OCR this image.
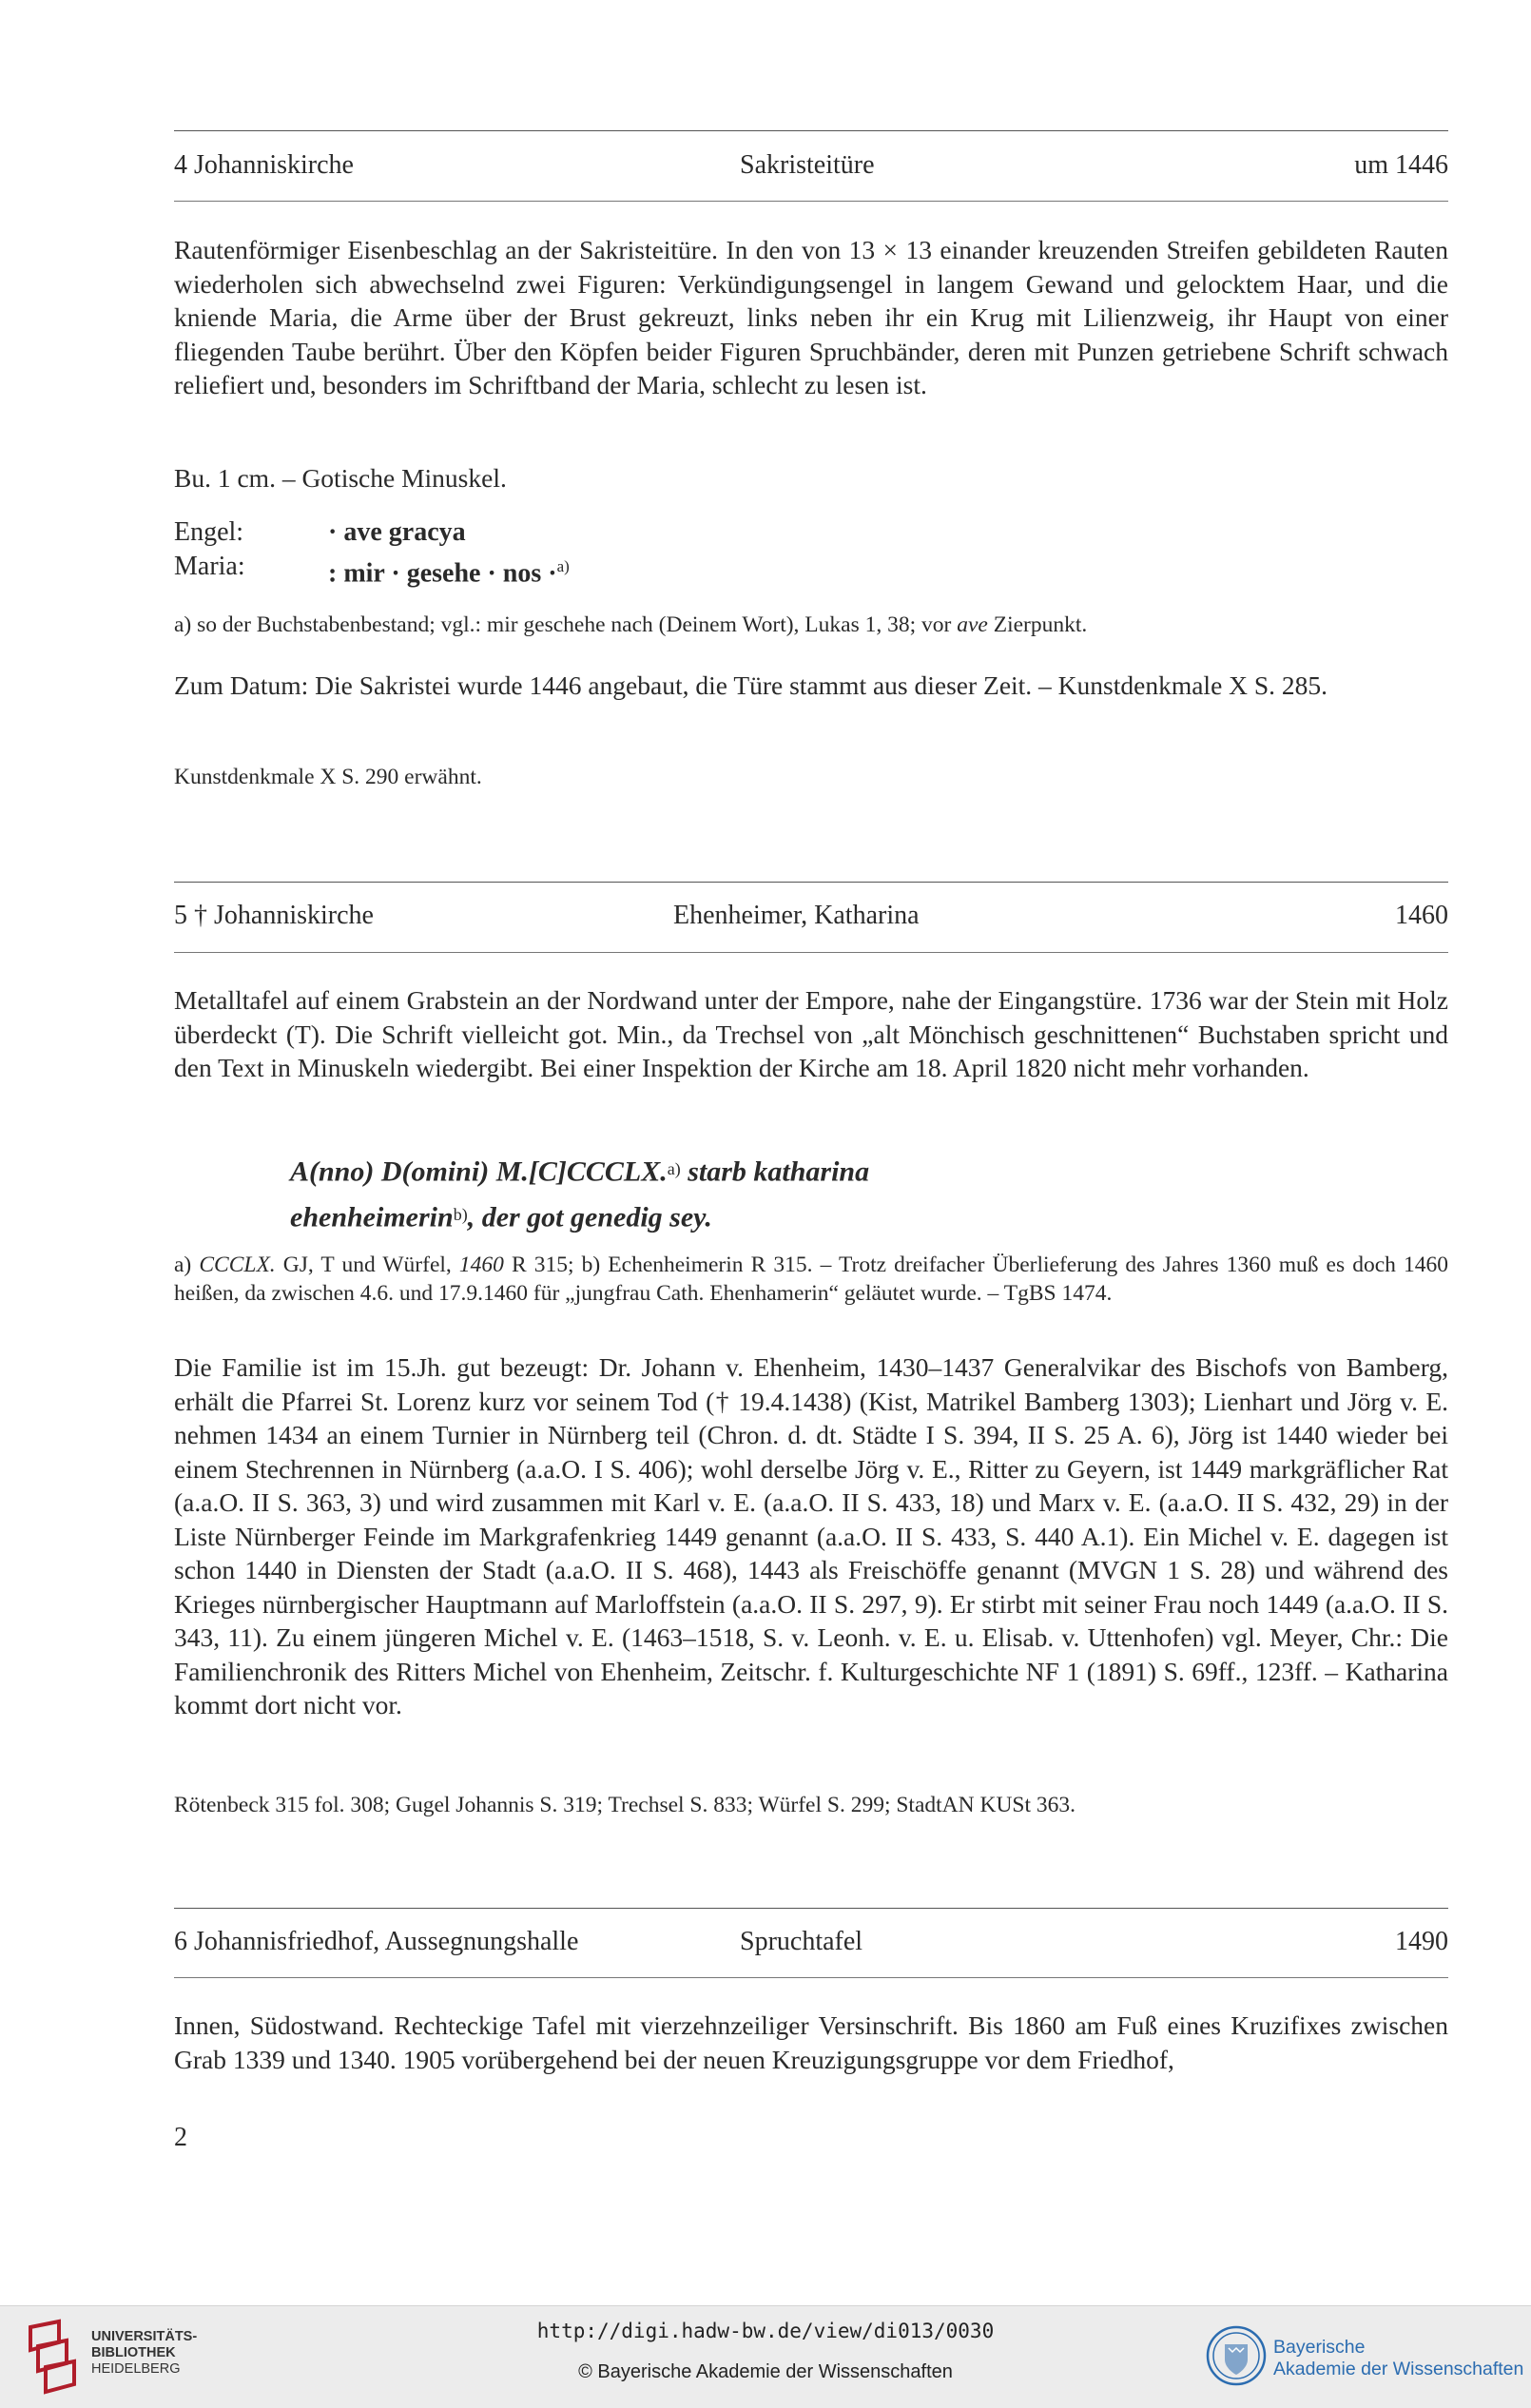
4 Johanniskirche	Sakristeitüre	um 1446
Rautenförmiger Eisenbeschlag an der Sakristeitüre. In den von 13 × 13 einander kreuzenden Streifen gebildeten Rauten wiederholen sich abwechselnd zwei Figuren: Verkündigungsengel in langem Gewand und gelocktem Haar, und die kniende Maria, die Arme über der Brust gekreuzt, links neben ihr ein Krug mit Lilienzweig, ihr Haupt von einer fliegenden Taube berührt. Über den Köpfen beider Figuren Spruchbänder, deren mit Punzen getriebene Schrift schwach reliefiert und, besonders im Schriftband der Maria, schlecht zu lesen ist.
Bu. 1 cm. – Gotische Minuskel.
Engel:	· ave gracya
Maria:	: mir · gesehe · nos ·$^{a)}$
a) so der Buchstabenbestand; vgl.: mir geschehe nach (Deinem Wort), Lukas 1, 38; vor ave Zierpunkt.
Zum Datum: Die Sakristei wurde 1446 angebaut, die Türe stammt aus dieser Zeit. – Kunstdenkmale X S. 285.
Kunstdenkmale X S. 290 erwähnt.
5 † Johanniskirche	Ehenheimer, Katharina	1460
Metalltafel auf einem Grabstein an der Nordwand unter der Empore, nahe der Eingangstüre. 1736 war der Stein mit Holz überdeckt (T). Die Schrift vielleicht got. Min., da Trechsel von „alt Mönchisch geschnittenen“ Buchstaben spricht und den Text in Minuskeln wiedergibt. Bei einer Inspektion der Kirche am 18. April 1820 nicht mehr vorhanden.
A(nno) D(omini) M.[C]CCCLX.$^{a)}$ starb katharina
ehenheimerin$^{b)}$, der got genedig sey.
a) CCCLX. GJ, T und Würfel, 1460 R 315; b) Echenheimerin R 315. – Trotz dreifacher Überlieferung des Jahres 1360 muß es doch 1460 heißen, da zwischen 4.6. und 17.9.1460 für „jungfrau Cath. Ehenhamerin“ geläutet wurde. – TgBS 1474.
Die Familie ist im 15.Jh. gut bezeugt: Dr. Johann v. Ehenheim, 1430–1437 Generalvikar des Bischofs von Bamberg, erhält die Pfarrei St. Lorenz kurz vor seinem Tod († 19.4.1438) (Kist, Matrikel Bamberg 1303); Lienhart und Jörg v. E. nehmen 1434 an einem Turnier in Nürnberg teil (Chron. d. dt. Städte I S. 394, II S. 25 A. 6), Jörg ist 1440 wieder bei einem Stechrennen in Nürnberg (a.a.O. I S. 406); wohl derselbe Jörg v. E., Ritter zu Geyern, ist 1449 markgräflicher Rat (a.a.O. II S. 363, 3) und wird zusammen mit Karl v. E. (a.a.O. II S. 433, 18) und Marx v. E. (a.a.O. II S. 432, 29) in der Liste Nürnberger Feinde im Markgrafenkrieg 1449 genannt (a.a.O. II S. 433, S. 440 A.1). Ein Michel v. E. dagegen ist schon 1440 in Diensten der Stadt (a.a.O. II S. 468), 1443 als Freischöffe genannt (MVGN 1 S. 28) und während des Krieges nürnbergischer Hauptmann auf Marloffstein (a.a.O. II S. 297, 9). Er stirbt mit seiner Frau noch 1449 (a.a.O. II S. 343, 11). Zu einem jüngeren Michel v. E. (1463–1518, S. v. Leonh. v. E. u. Elisab. v. Uttenhofen) vgl. Meyer, Chr.: Die Familienchronik des Ritters Michel von Ehenheim, Zeitschr. f. Kulturgeschichte NF 1 (1891) S. 69ff., 123ff. – Katharina kommt dort nicht vor.
Rötenbeck 315 fol. 308; Gugel Johannis S. 319; Trechsel S. 833; Würfel S. 299; StadtAN KUSt 363.
6 Johannisfriedhof, Aussegnungshalle	Spruchtafel	1490
Innen, Südostwand. Rechteckige Tafel mit vierzehnzeiliger Versinschrift. Bis 1860 am Fuß eines Kruzifixes zwischen Grab 1339 und 1340. 1905 vorübergehend bei der neuen Kreuzigungsgruppe vor dem Friedhof,
2
UNIVERSITÄTS-
BIBLIOTHEK
HEIDELBERG
http://digi.hadw-bw.de/view/di013/0030
© Bayerische Akademie der Wissenschaften
Bayerische
Akademie der Wissenschaften
